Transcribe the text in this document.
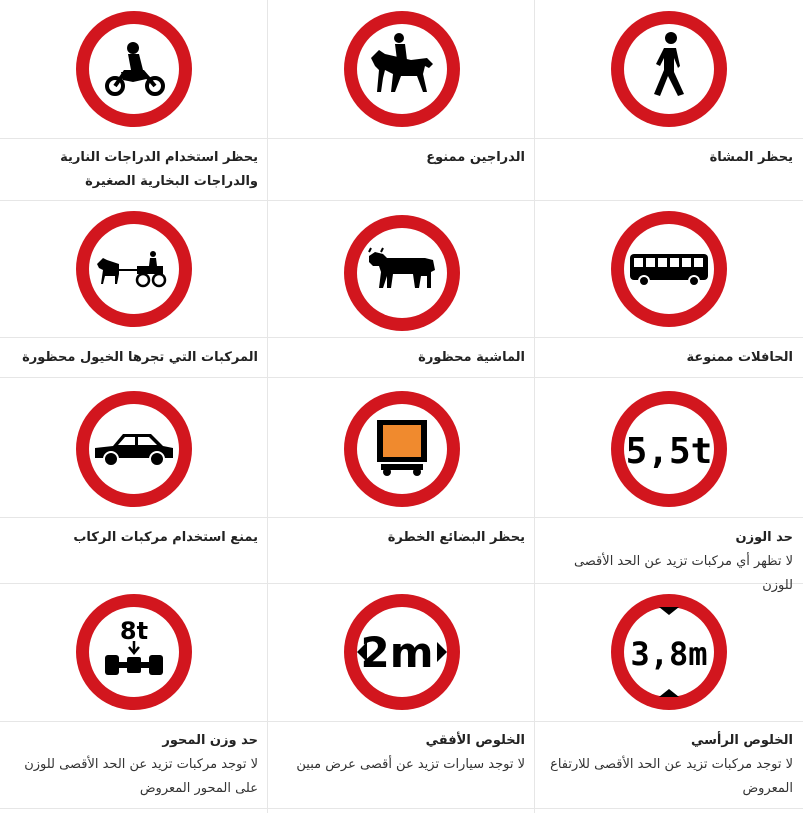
يحظر استخدام الدراجات النارية والدراجات البخارية الصغيرة
المركبات التي تجرها الخيول محظورة
يمنع استخدام مركبات الركاب
8t
حد وزن المحور
لا توجد مركبات تزيد عن الحد الأقصى للوزن على المحور المعروض
الدراجين ممنوع
الماشية محظورة
يحظر البضائع الخطرة
2m
الخلوص الأفقي
لا توجد سيارات تزيد عن أقصى عرض مبين
يحظر المشاة
الحافلات ممنوعة
5,5t
حد الوزن
لا تظهر أي مركبات تزيد عن الحد الأقصى للوزن
3,8m
الخلوص الرأسي
لا توجد مركبات تزيد عن الحد الأقصى للارتفاع المعروض
